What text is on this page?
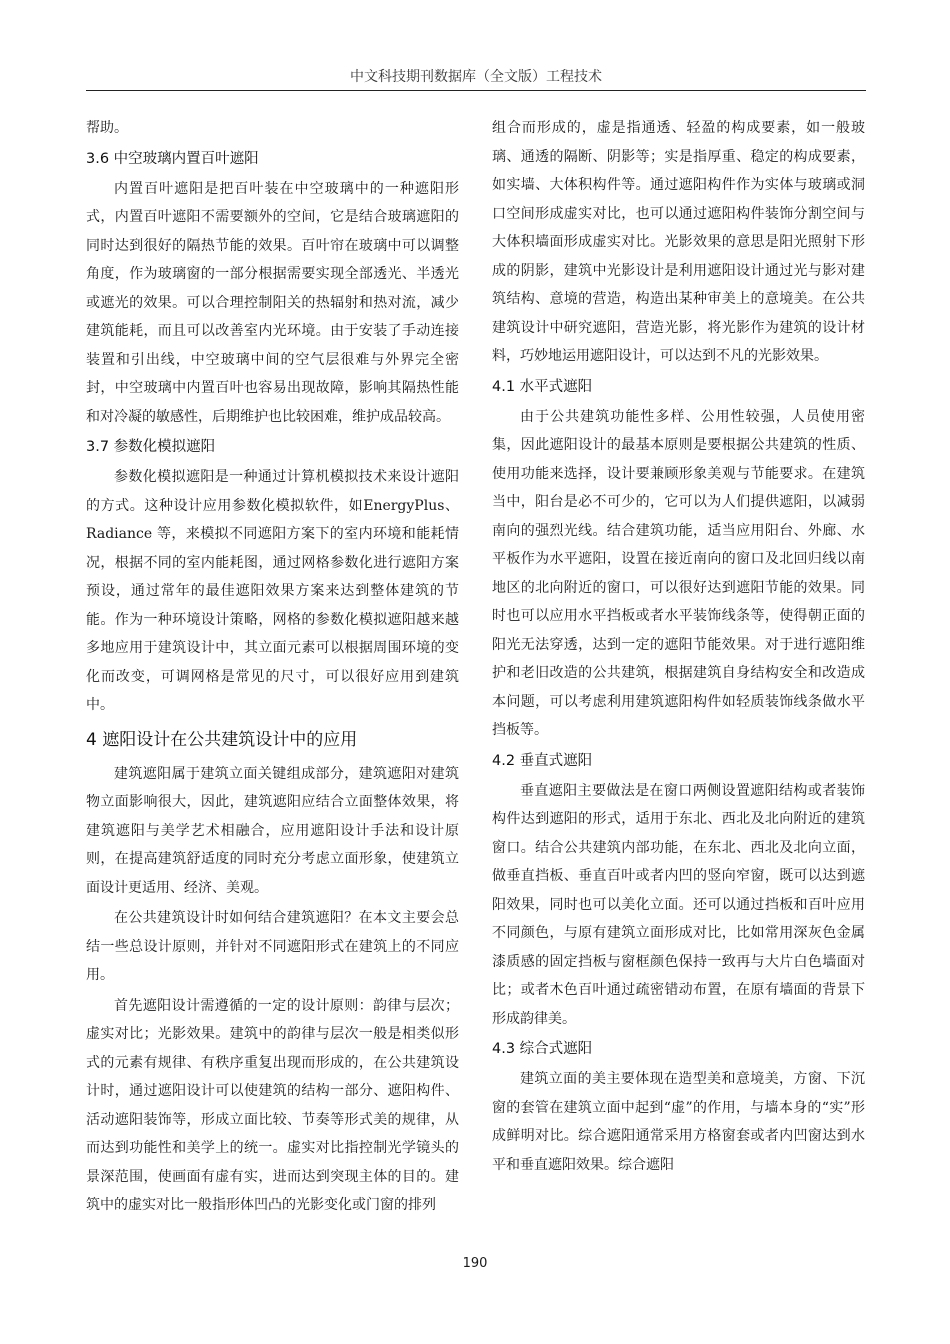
中文科技期刊数据库（全文版）工程技术

帮助。

3.6 中空玻璃内置百叶遮阳

内置百叶遮阳是把百叶装在中空玻璃中的一种遮阳形式，内置百叶遮阳不需要额外的空间，它是结合玻璃遮阳的同时达到很好的隔热节能的效果。百叶帘在玻璃中可以调整角度，作为玻璃窗的一部分根据需要实现全部透光、半透光或遮光的效果。可以合理控制阳关的热辐射和热对流，减少建筑能耗，而且可以改善室内光环境。由于安装了手动连接装置和引出线，中空玻璃中间的空气层很难与外界完全密封，中空玻璃中内置百叶也容易出现故障，影响其隔热性能和对冷凝的敏感性，后期维护也比较困难，维护成品较高。

3.7 参数化模拟遮阳

参数化模拟遮阳是一种通过计算机模拟技术来设计遮阳的方式。这种设计应用参数化模拟软件，如EnergyPlus、Radiance 等，来模拟不同遮阳方案下的室内环境和能耗情况，根据不同的室内能耗图，通过网格参数化进行遮阳方案预设，通过常年的最佳遮阳效果方案来达到整体建筑的节能。作为一种环境设计策略，网格的参数化模拟遮阳越来越多地应用于建筑设计中，其立面元素可以根据周围环境的变化而改变，可调网格是常见的尺寸，可以很好应用到建筑中。

4 遮阳设计在公共建筑设计中的应用

建筑遮阳属于建筑立面关键组成部分，建筑遮阳对建筑物立面影响很大，因此，建筑遮阳应结合立面整体效果，将建筑遮阳与美学艺术相融合，应用遮阳设计手法和设计原则，在提高建筑舒适度的同时充分考虑立面形象，使建筑立面设计更适用、经济、美观。

在公共建筑设计时如何结合建筑遮阳？在本文主要会总结一些总设计原则，并针对不同遮阳形式在建筑上的不同应用。

首先遮阳设计需遵循的一定的设计原则：韵律与层次；虚实对比；光影效果。建筑中的韵律与层次一般是相类似形式的元素有规律、有秩序重复出现而形成的，在公共建筑设计时，通过遮阳设计可以使建筑的结构一部分、遮阳构件、活动遮阳装饰等，形成立面比较、节奏等形式美的规律，从而达到功能性和美学上的统一。虚实对比指控制光学镜头的景深范围，使画面有虚有实，进而达到突现主体的目的。建筑中的虚实对比一般指形体凹凸的光影变化或门窗的排列

组合而形成的，虚是指通透、轻盈的构成要素，如一般玻璃、通透的隔断、阴影等；实是指厚重、稳定的构成要素，如实墙、大体积构件等。通过遮阳构件作为实体与玻璃或洞口空间形成虚实对比，也可以通过遮阳构件装饰分割空间与大体积墙面形成虚实对比。光影效果的意思是阳光照射下形成的阴影，建筑中光影设计是利用遮阳设计通过光与影对建筑结构、意境的营造，构造出某种审美上的意境美。在公共建筑设计中研究遮阳，营造光影，将光影作为建筑的设计材料，巧妙地运用遮阳设计，可以达到不凡的光影效果。

4.1 水平式遮阳

由于公共建筑功能性多样、公用性较强，人员使用密集，因此遮阳设计的最基本原则是要根据公共建筑的性质、使用功能来选择，设计要兼顾形象美观与节能要求。在建筑当中，阳台是必不可少的，它可以为人们提供遮阳，以减弱南向的强烈光线。结合建筑功能，适当应用阳台、外廊、水平板作为水平遮阳，设置在接近南向的窗口及北回归线以南地区的北向附近的窗口，可以很好达到遮阳节能的效果。同时也可以应用水平挡板或者水平装饰线条等，使得朝正面的阳光无法穿透，达到一定的遮阳节能效果。对于进行遮阳维护和老旧改造的公共建筑，根据建筑自身结构安全和改造成本问题，可以考虑利用建筑遮阳构件如轻质装饰线条做水平挡板等。

4.2 垂直式遮阳

垂直遮阳主要做法是在窗口两侧设置遮阳结构或者装饰构件达到遮阳的形式，适用于东北、西北及北向附近的建筑窗口。结合公共建筑内部功能，在东北、西北及北向立面，做垂直挡板、垂直百叶或者内凹的竖向窄窗，既可以达到遮阳效果，同时也可以美化立面。还可以通过挡板和百叶应用不同颜色，与原有建筑立面形成对比，比如常用深灰色金属漆质感的固定挡板与窗框颜色保持一致再与大片白色墙面对比；或者木色百叶通过疏密错动布置，在原有墙面的背景下形成韵律美。

4.3 综合式遮阳

建筑立面的美主要体现在造型美和意境美，方窗、下沉窗的套管在建筑立面中起到“虚”的作用，与墙本身的“实”形成鲜明对比。综合遮阳通常采用方格窗套或者内凹窗达到水平和垂直遮阳效果。综合遮阳

190
